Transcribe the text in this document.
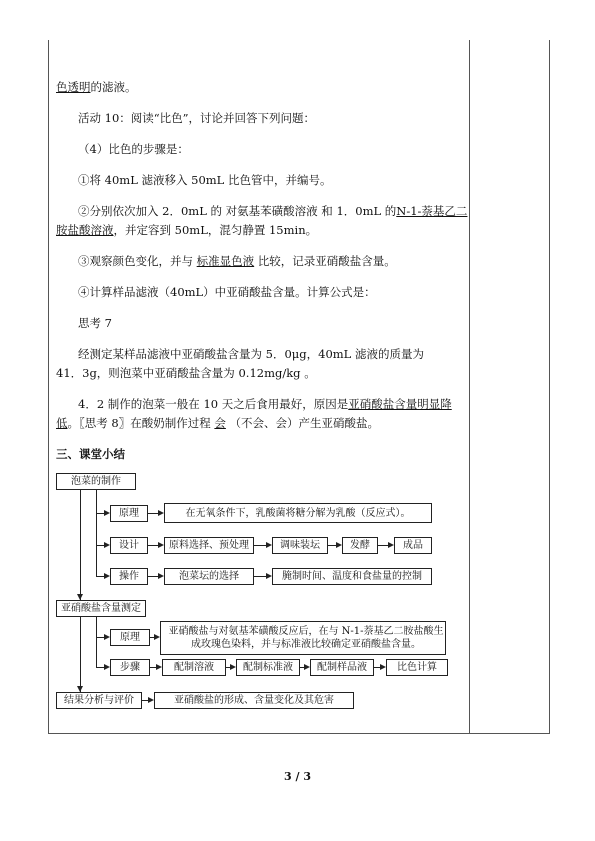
色透明的滤液。
活动 10：阅读“比色”，讨论并回答下列问题：
（4）比色的步骤是：
①将 40mL 滤液移入 50mL 比色管中，并编号。
②分别依次加入 2．0mL 的 对氨基苯磺酸溶液 和 1．0mL 的N-1-萘基乙二
胺盐酸溶液，并定容到 50mL，混匀静置 15min。
③观察颜色变化，并与 标准显色液 比较，记录亚硝酸盐含量。
④计算样品滤液（40mL）中亚硝酸盐含量。计算公式是：
思考 7
经测定某样品滤液中亚硝酸盐含量为 5．0μg，40mL 滤液的质量为
41．3g，则泡菜中亚硝酸盐含量为 0.12mg/kg 。
4．2 制作的泡菜一般在 10 天之后食用最好，原因是亚硝酸盐含量明显降
低。〖思考 8〗在酸奶制作过程 会 （不会、会）产生亚硝酸盐。
三、课堂小结
泡菜的制作
原理	在无氧条件下，乳酸菌将糖分解为乳酸（反应式）。
设计	原料选择、预处理	调味装坛	发酵	成品
操作	泡菜坛的选择	腌制时间、温度和食盐量的控制
亚硝酸盐含量测定
原理
亚硝酸盐与对氨基苯磺酸反应后，在与 N-1-萘基乙二胺盐酸生成玫瑰色染料，并与标准液比较确定亚硝酸盐含量。
步骤	配制溶液	配制标准液	配制样品液	比色计算
结果分析与评价	亚硝酸盐的形成、含量变化及其危害
3 / 3
